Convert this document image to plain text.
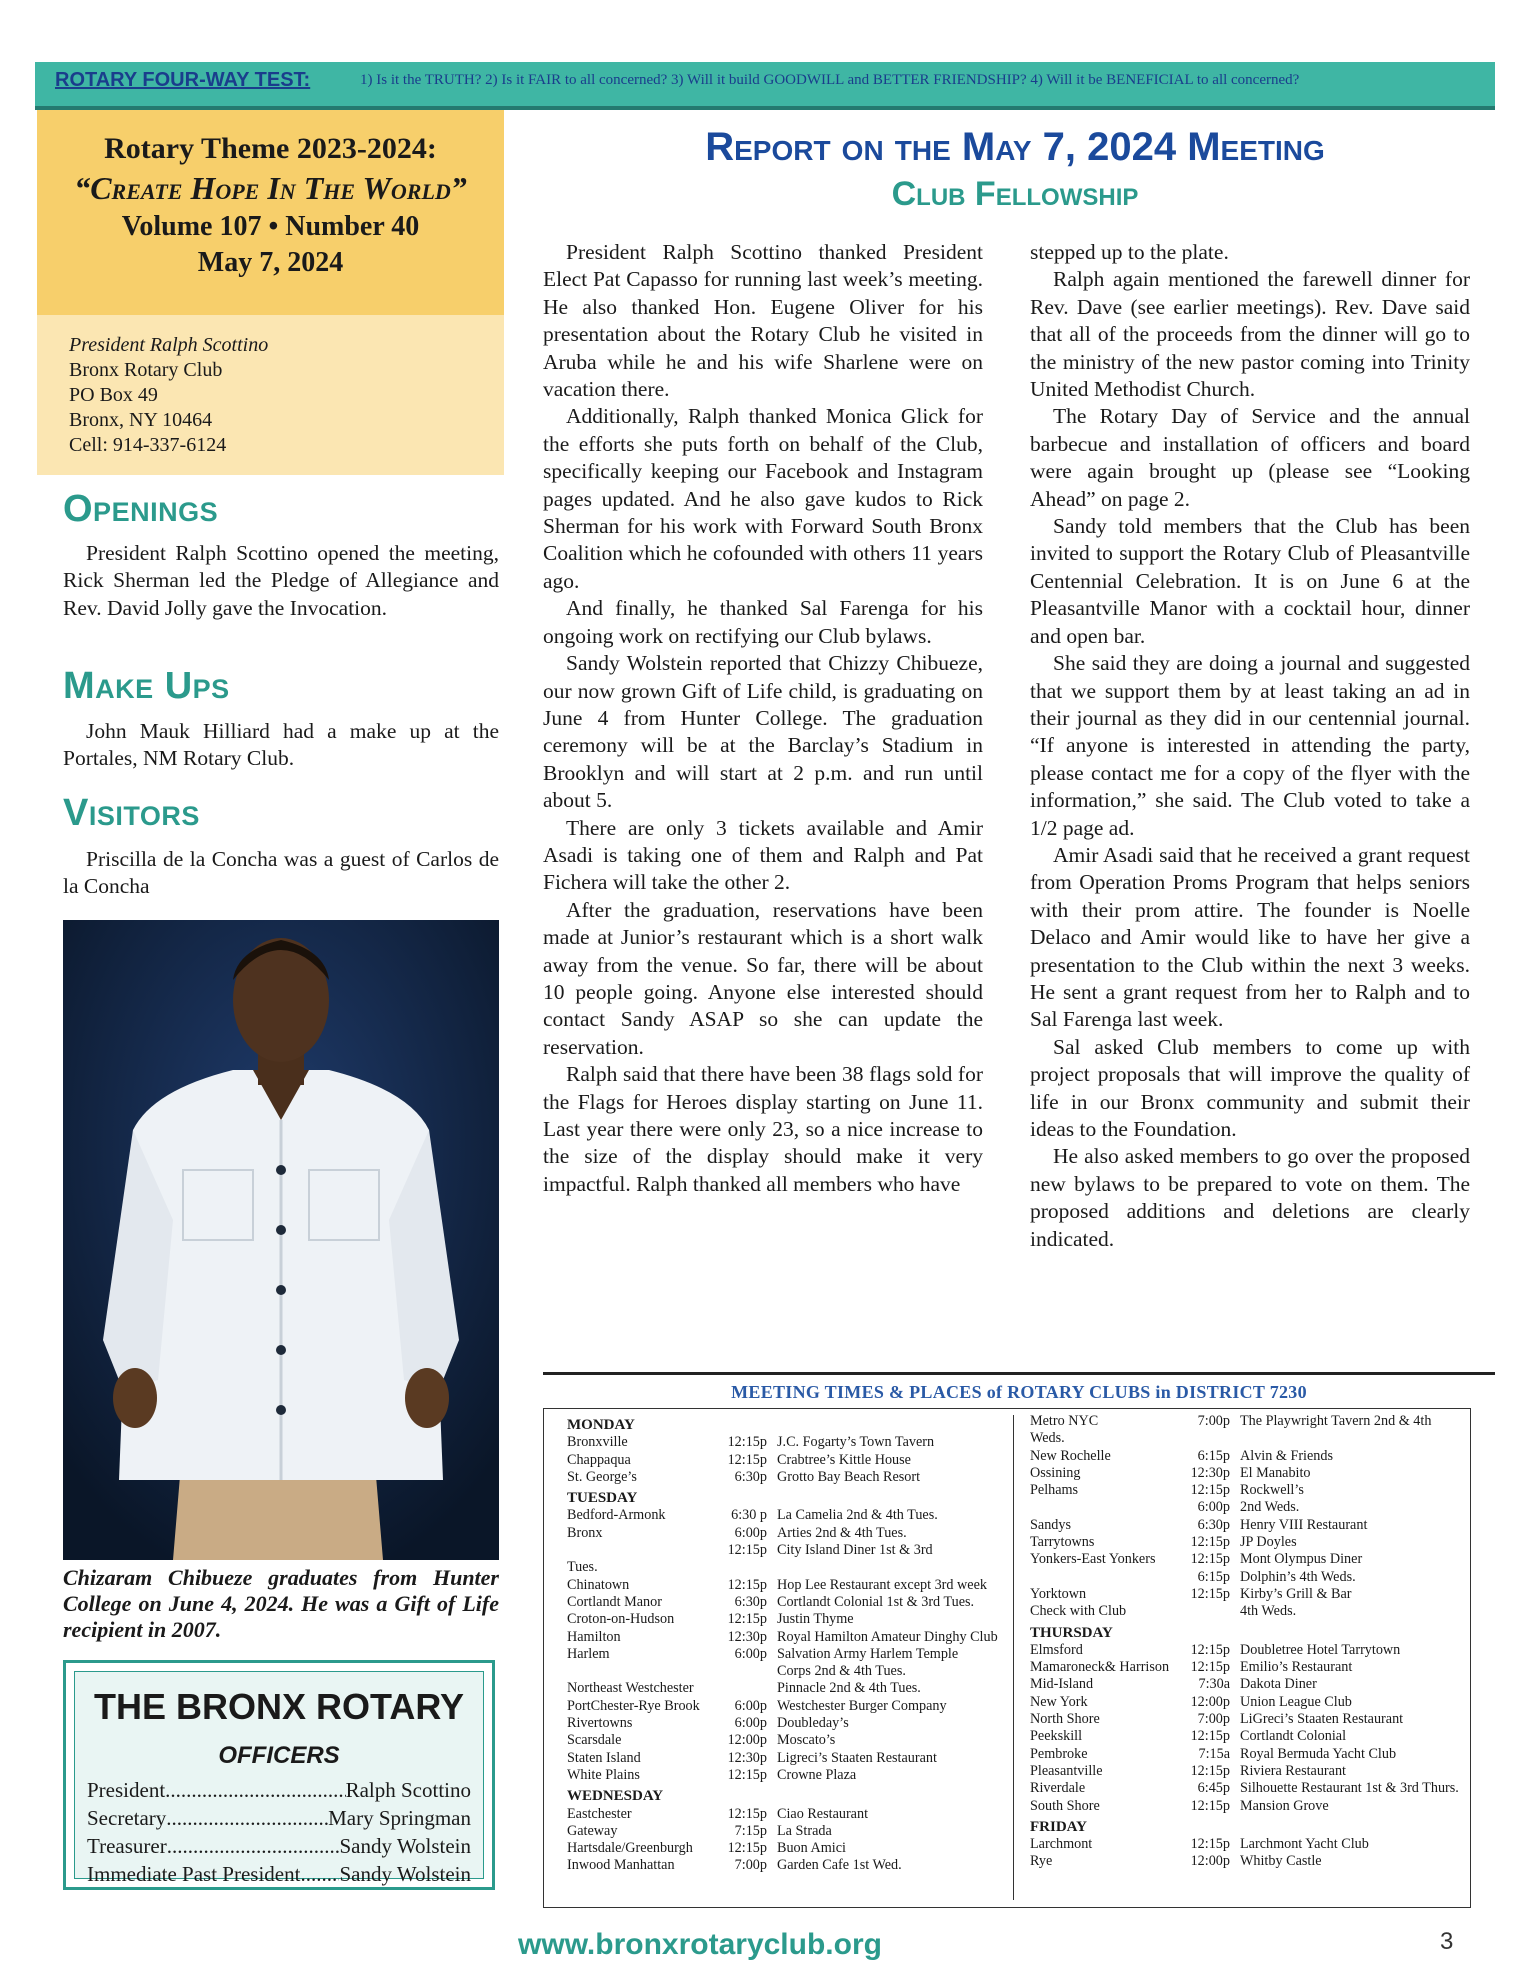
ROTARY FOUR-WAY TEST:	1) Is it the TRUTH? 2) Is it FAIR to all concerned? 3) Will it build GOODWILL and BETTER FRIENDSHIP? 4) Will it be BENEFICIAL to all concerned?
Rotary Theme 2023-2024:
“Create Hope In The World”
Volume 107 • Number 40
May 7, 2024
President Ralph Scottino
Bronx Rotary Club
PO Box 49
Bronx, NY 10464
Cell: 914-337-6124
Openings

President Ralph Scottino opened the meeting, Rick Sherman led the Pledge of Allegiance and Rev. David Jolly gave the Invocation.

Make Ups

John Mauk Hilliard had a make up at the Portales, NM Rotary Club.

Visitors

Priscilla de la Concha was a guest of Carlos de la Concha

Chizaram Chibueze graduates from Hunter College on June 4, 2024. He was a Gift of Life recipient in 2007.
THE BRONX ROTARY
OFFICERS
President .....	Ralph Scottino
Secretary .....	Mary Springman
Treasurer .....	Sandy Wolstein
Immediate Past President ..... Sandy Wolstein
Report on the May 7, 2024 Meeting
Club Fellowship

President Ralph Scottino thanked President Elect Pat Capasso for running last week’s meeting. He also thanked Hon. Eugene Oliver for his presentation about the Rotary Club he visited in Aruba while he and his wife Sharlene were on vacation there.

Additionally, Ralph thanked Monica Glick for the efforts she puts forth on behalf of the Club, specifically keeping our Facebook and Instagram pages updated. And he also gave kudos to Rick Sherman for his work with Forward South Bronx Coalition which he cofounded with others 11 years ago.

And finally, he thanked Sal Farenga for his ongoing work on rectifying our Club bylaws.

Sandy Wolstein reported that Chizzy Chibueze, our now grown Gift of Life child, is graduating on June 4 from Hunter College. The graduation ceremony will be at the Barclay’s Stadium in Brooklyn and will start at 2 p.m. and run until about 5.

There are only 3 tickets available and Amir Asadi is taking one of them and Ralph and Pat Fichera will take the other 2.

After the graduation, reservations have been made at Junior’s restaurant which is a short walk away from the venue. So far, there will be about 10 people going. Anyone else interested should contact Sandy ASAP so she can update the reservation.

Ralph said that there have been 38 flags sold for the Flags for Heroes display starting on June 11. Last year there were only 23, so a nice increase to the size of the display should make it very impactful. Ralph thanked all members who have

stepped up to the plate.

Ralph again mentioned the farewell dinner for Rev. Dave (see earlier meetings). Rev. Dave said that all of the proceeds from the dinner will go to the ministry of the new pastor coming into Trinity United Methodist Church.

The Rotary Day of Service and the annual barbecue and installation of officers and board were again brought up (please see “Looking Ahead” on page 2.

Sandy told members that the Club has been invited to support the Rotary Club of Pleasantville Centennial Celebration. It is on June 6 at the Pleasantville Manor with a cocktail hour, dinner and open bar.

She said they are doing a journal and suggested that we support them by at least taking an ad in their journal as they did in our centennial journal. “If anyone is interested in attending the party, please contact me for a copy of the flyer with the information,” she said. The Club voted to take a 1/2 page ad.

Amir Asadi said that he received a grant request from Operation Proms Program that helps seniors with their prom attire. The founder is Noelle Delaco and Amir would like to have her give a presentation to the Club within the next 3 weeks. He sent a grant request from her to Ralph and to Sal Farenga last week.

Sal asked Club members to come up with project proposals that will improve the quality of life in our Bronx community and submit their ideas to the Foundation.

He also asked members to go over the proposed new bylaws to be prepared to vote on them. The proposed additions and deletions are clearly indicated.

MEETING TIMES & PLACES of ROTARY CLUBS in DISTRICT 7230
MONDAY
Bronxville	12:15p J.C. Fogarty’s Town Tavern
Chappaqua	12:15p Crabtree’s Kittle House
St. George’s	6:30p Grotto Bay Beach Resort
TUESDAY
Bedford-Armonk	6:30 p La Camelia 2nd & 4th Tues.
Bronx	6:00p Arties 2nd & 4th Tues.
12:15p City Island Diner 1st & 3rd
Tues.
Chinatown	12:15p Hop Lee Restaurant except 3rd week
Cortlandt Manor	6:30p Cortlandt Colonial 1st & 3rd Tues.
Croton-on-Hudson	12:15p Justin Thyme
Hamilton	12:30p Royal Hamilton Amateur Dinghy Club
Harlem	6:00p Salvation Army Harlem Temple
Corps 2nd & 4th Tues.
Northeast Westchester	Pinnacle 2nd & 4th Tues.
PortChester-Rye Brook	6:00p Westchester Burger Company
Rivertowns	6:00p Doubleday’s
Scarsdale	12:00p Moscato’s
Staten Island	12:30p Ligreci’s Staaten Restaurant
White Plains	12:15p Crowne Plaza
WEDNESDAY
Eastchester	12:15p Ciao Restaurant
Gateway	7:15p La Strada
Hartsdale/Greenburgh	12:15p Buon Amici
Inwood Manhattan	7:00p Garden Cafe 1st Wed.
Metro NYC	7:00p The Playwright Tavern 2nd & 4th
Weds.
New Rochelle	6:15p Alvin & Friends
Ossining	12:30p El Manabito
Pelhams	12:15p Rockwell’s
6:00p 2nd Weds.
Sandys	6:30p Henry VIII Restaurant
Tarrytowns	12:15p JP Doyles
Yonkers-East Yonkers	12:15p Mont Olympus Diner
6:15p Dolphin’s 4th Weds.
Yorktown	12:15p Kirby’s Grill & Bar
Check with Club	4th Weds.
THURSDAY
Elmsford	12:15p Doubletree Hotel Tarrytown
Mamaroneck& Harrison	12:15p Emilio’s Restaurant
Mid-Island	7:30a Dakota Diner
New York	12:00p Union League Club
North Shore	7:00p LiGreci’s Staaten Restaurant
Peekskill	12:15p Cortlandt Colonial
Pembroke	7:15a Royal Bermuda Yacht Club
Pleasantville	12:15p Riviera Restaurant
Riverdale	6:45p Silhouette Restaurant 1st & 3rd Thurs.
South Shore	12:15p Mansion Grove
FRIDAY
Larchmont	12:15p Larchmont Yacht Club
Rye	12:00p Whitby Castle
www.bronxrotaryclub.org	3
